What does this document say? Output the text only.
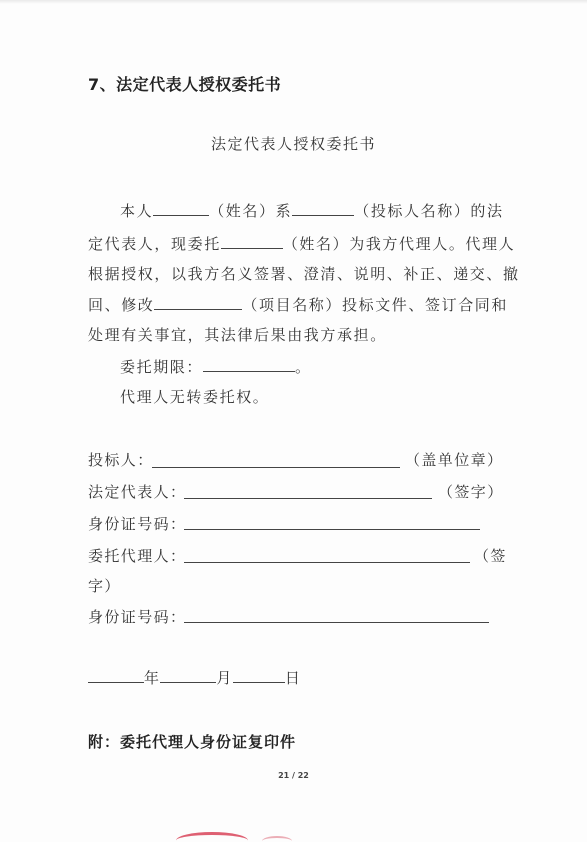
7、法定代表人授权委托书
法定代表人授权委托书
本人	（姓名）系	（投标人名称）的法
定代表人，现委托	（姓名）为我方代理人。代理人
根据授权，以我方名义签署、澄清、说明、补正、递交、撤
回、修改	（项目名称）投标文件、签订合同和
处理有关事宜，其法律后果由我方承担。
委托期限：	。
代理人无转委托权。
投标人：	（盖单位章）
法定代表人：	（签字）
身份证号码：
委托代理人：	（签
字）
身份证号码：
年	月	日
附：委托代理人身份证复印件
21 / 22
